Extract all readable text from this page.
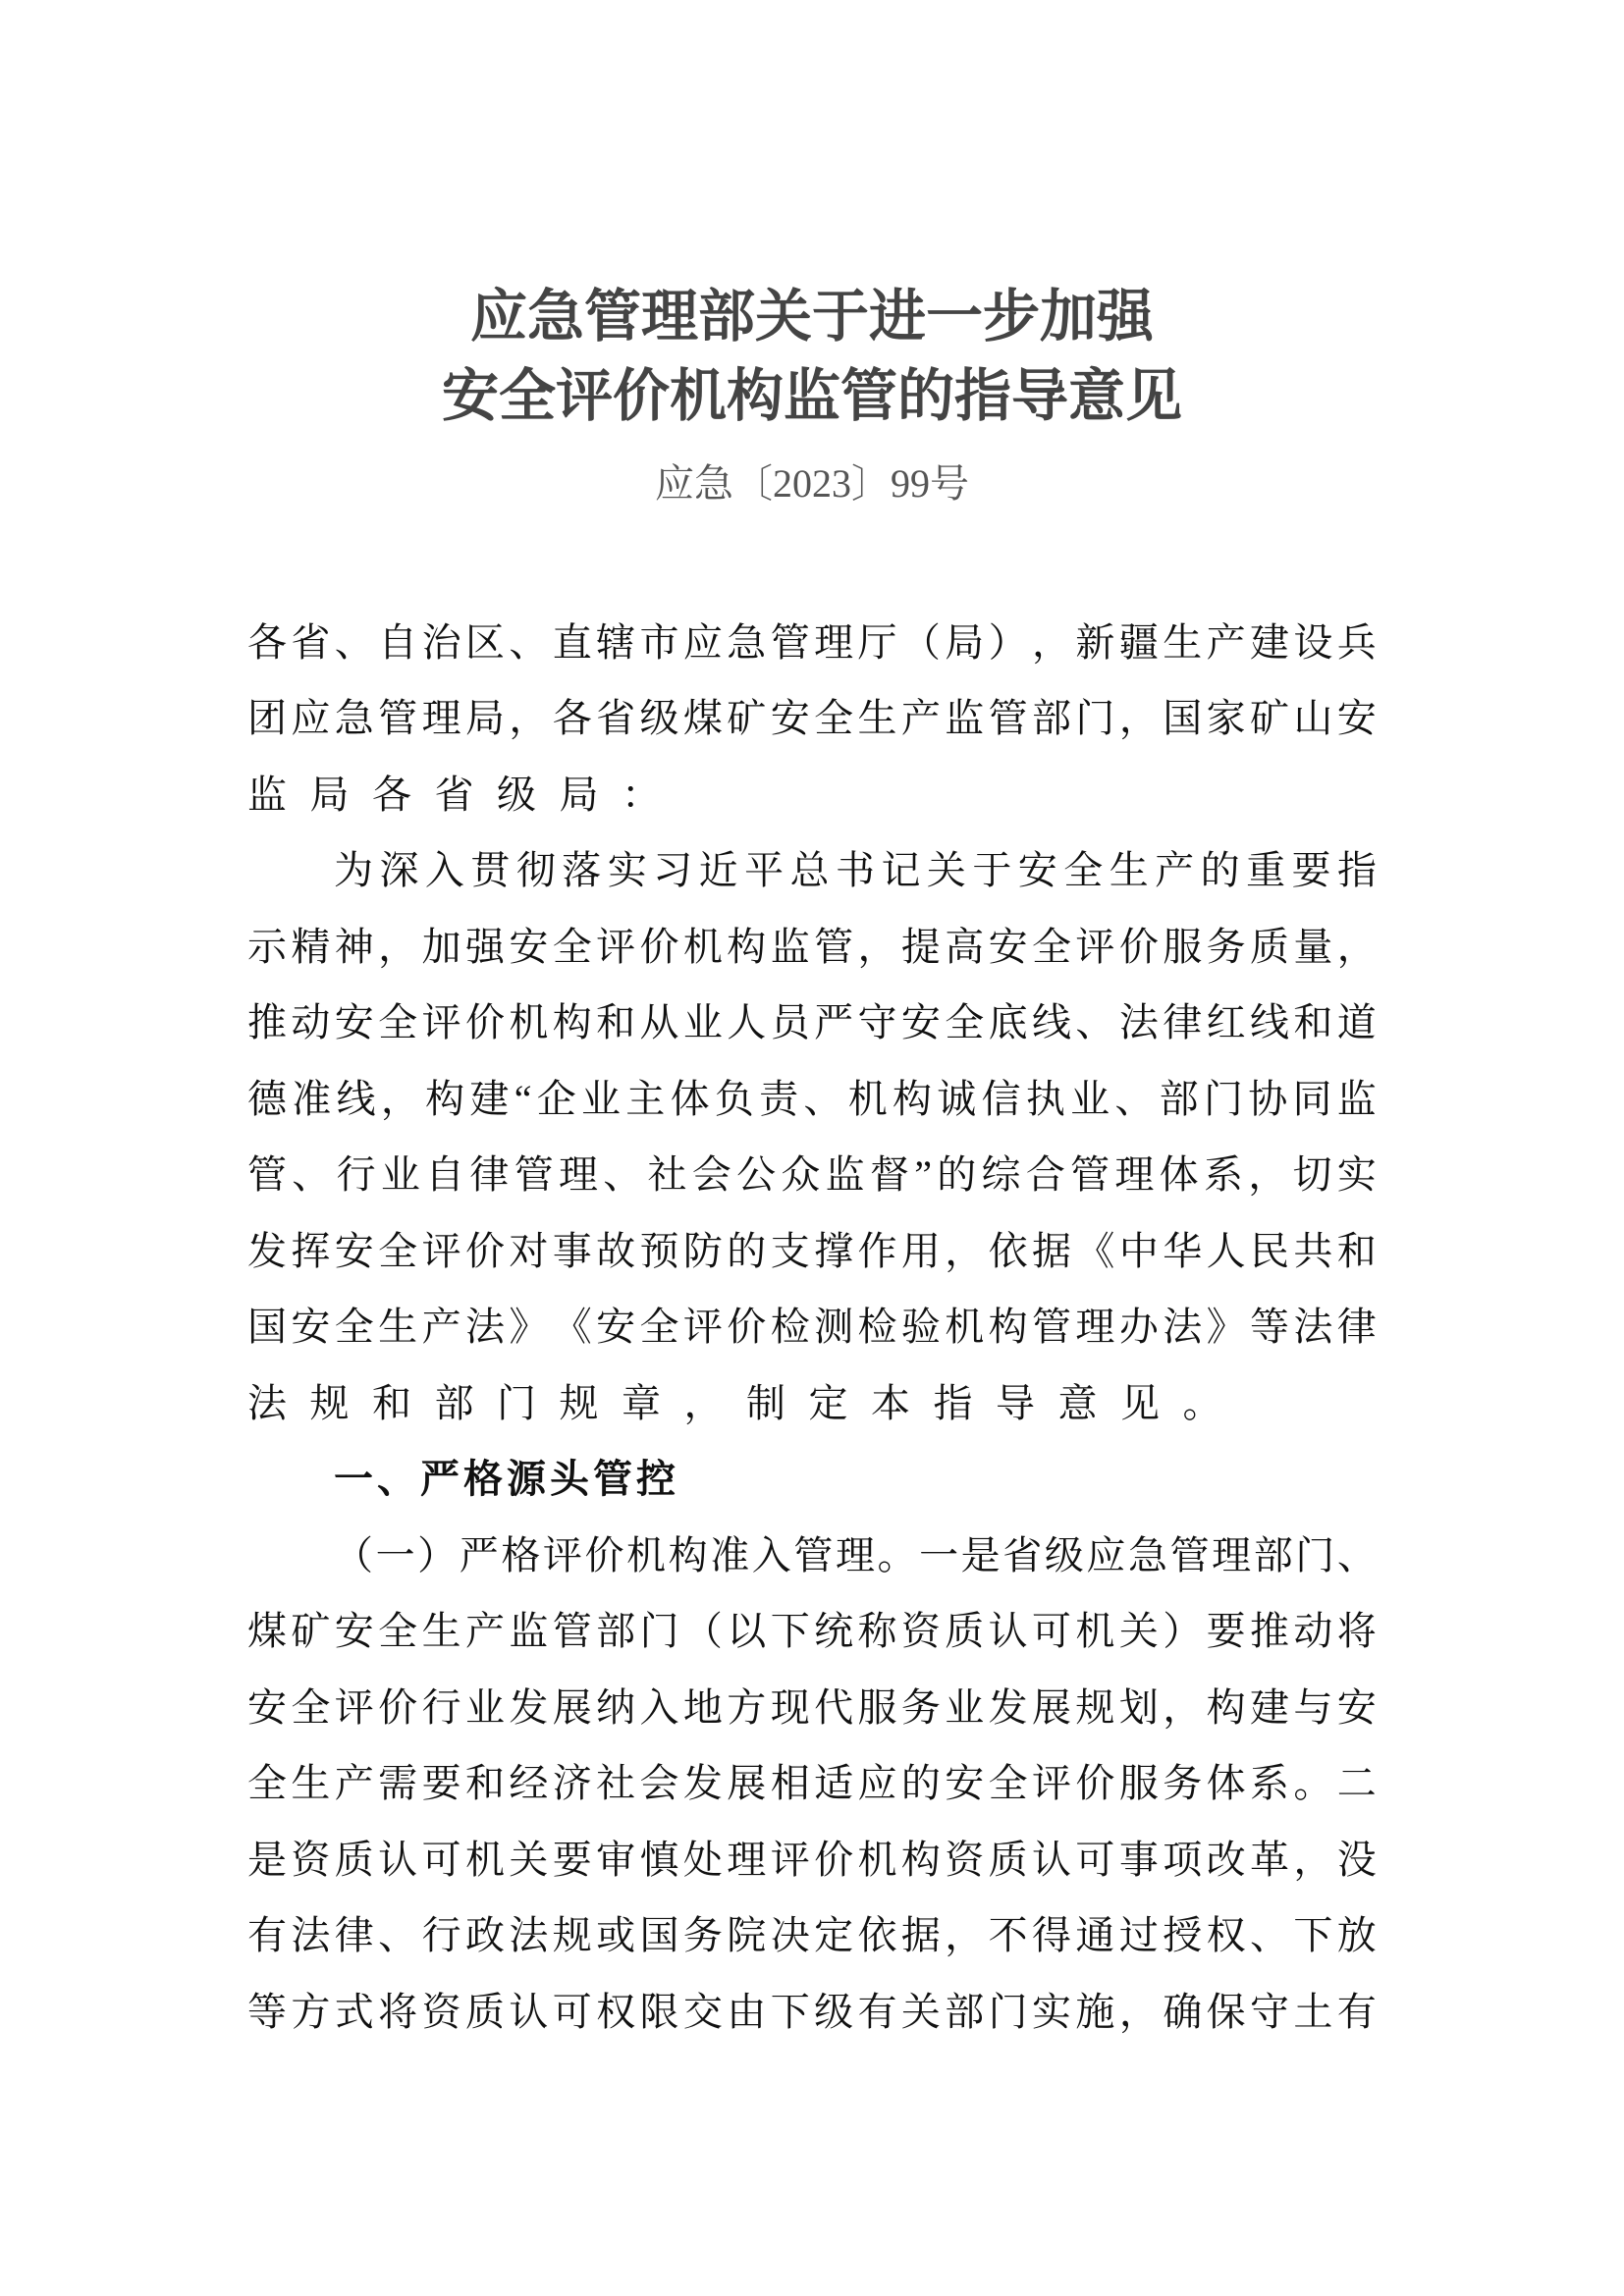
应急管理部关于进一步加强
安全评价机构监管的指导意见
应急〔2023〕99号
各 省 、 自 治 区 、 直 辖 市 应 急 管 理 厅 （ 局 ） ， 新 疆 生 产 建 设 兵
团 应 急 管 理 局 ， 各 省 级 煤 矿 安 全 生 产 监 管 部 门 ， 国 家 矿 山 安
监局各省级局：
为 深 入 贯 彻 落 实 习 近 平 总 书 记 关 于 安 全 生 产 的 重 要 指
示 精 神 ， 加 强 安 全 评 价 机 构 监 管 ， 提 高 安 全 评 价 服 务 质 量 ，
推 动 安 全 评 价 机 构 和 从 业 人 员 严 守 安 全 底 线 、 法 律 红 线 和 道
德 准 线 ， 构 建 “ 企 业 主 体 负 责 、 机 构 诚 信 执 业 、 部 门 协 同 监
管 、 行 业 自 律 管 理 、 社 会 公 众 监 督 ” 的 综 合 管 理 体 系 ， 切 实
发 挥 安 全 评 价 对 事 故 预 防 的 支 撑 作 用 ， 依 据 《 中 华 人 民 共 和
国 安 全 生 产 法 》 《 安 全 评 价 检 测 检 验 机 构 管 理 办 法 》 等 法 律
法规和部门规章，制定本指导意见。
一、严格源头管控
（ 一 ） 严 格 评 价 机 构 准 入 管 理 。 一 是 省 级 应 急 管 理 部 门 、
煤 矿 安 全 生 产 监 管 部 门 （ 以 下 统 称 资 质 认 可 机 关 ） 要 推 动 将
安 全 评 价 行 业 发 展 纳 入 地 方 现 代 服 务 业 发 展 规 划 ， 构 建 与 安
全 生 产 需 要 和 经 济 社 会 发 展 相 适 应 的 安 全 评 价 服 务 体 系 。 二
是 资 质 认 可 机 关 要 审 慎 处 理 评 价 机 构 资 质 认 可 事 项 改 革 ， 没
有 法 律 、 行 政 法 规 或 国 务 院 决 定 依 据 ， 不 得 通 过 授 权 、 下 放
等 方 式 将 资 质 认 可 权 限 交 由 下 级 有 关 部 门 实 施 ， 确 保 守 土 有
